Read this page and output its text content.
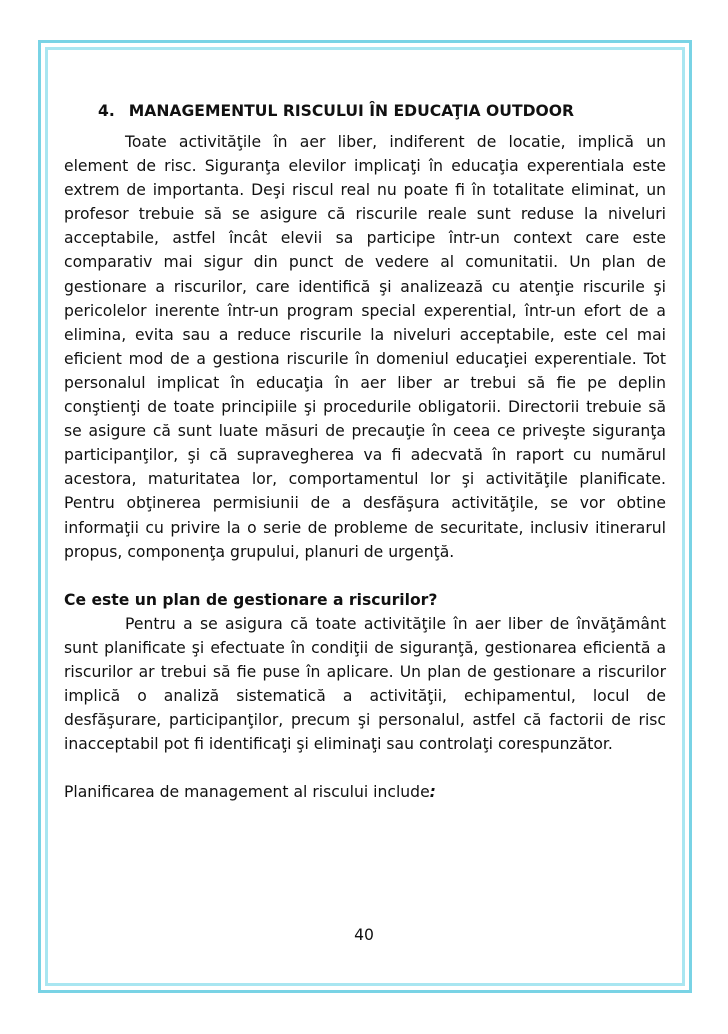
4. MANAGEMENTUL RISCULUI ÎN EDUCAŢIA OUTDOOR

Toate activităţile în aer liber, indiferent de locatie, implică un element de risc. Siguranţa elevilor implicaţi în educaţia experentiala este extrem de importanta. Deşi riscul real nu poate fi în totalitate eliminat, un profesor trebuie să se asigure că riscurile reale sunt reduse la niveluri acceptabile, astfel încât elevii sa participe într-un context care este comparativ mai sigur din punct de vedere al comunitatii. Un plan de gestionare a riscurilor, care identifică şi analizează cu atenţie riscurile şi pericolelor inerente într-un program special experential, într-un efort de a elimina, evita sau a reduce riscurile la niveluri acceptabile, este cel mai eficient mod de a gestiona riscurile în domeniul educaţiei experentiale. Tot personalul implicat în educaţia în aer liber ar trebui să fie pe deplin conştienţi de toate principiile şi procedurile obligatorii. Directorii trebuie să se asigure că sunt luate măsuri de precauţie în ceea ce priveşte siguranţa participanţilor, şi că supravegherea va fi adecvată în raport cu numărul acestora, maturitatea lor, comportamentul lor şi activităţile planificate. Pentru obţinerea permisiunii de a desfăşura activităţile, se vor obtine informaţii cu privire la o serie de probleme de securitate, inclusiv itinerarul propus, componenţa grupului, planuri de urgenţă.

Ce este un plan de gestionare a riscurilor?

Pentru a se asigura că toate activităţile în aer liber de învăţământ sunt planificate şi efectuate în condiţii de siguranţă, gestionarea eficientă a riscurilor ar trebui să fie puse în aplicare. Un plan de gestionare a riscurilor implică o analiză sistematică a activităţii, echipamentul, locul de desfăşurare, participanţilor, precum şi personalul, astfel că factorii de risc inacceptabil pot fi identificaţi şi eliminaţi sau controlaţi corespunzător.

Planificarea de management al riscului include:
40
